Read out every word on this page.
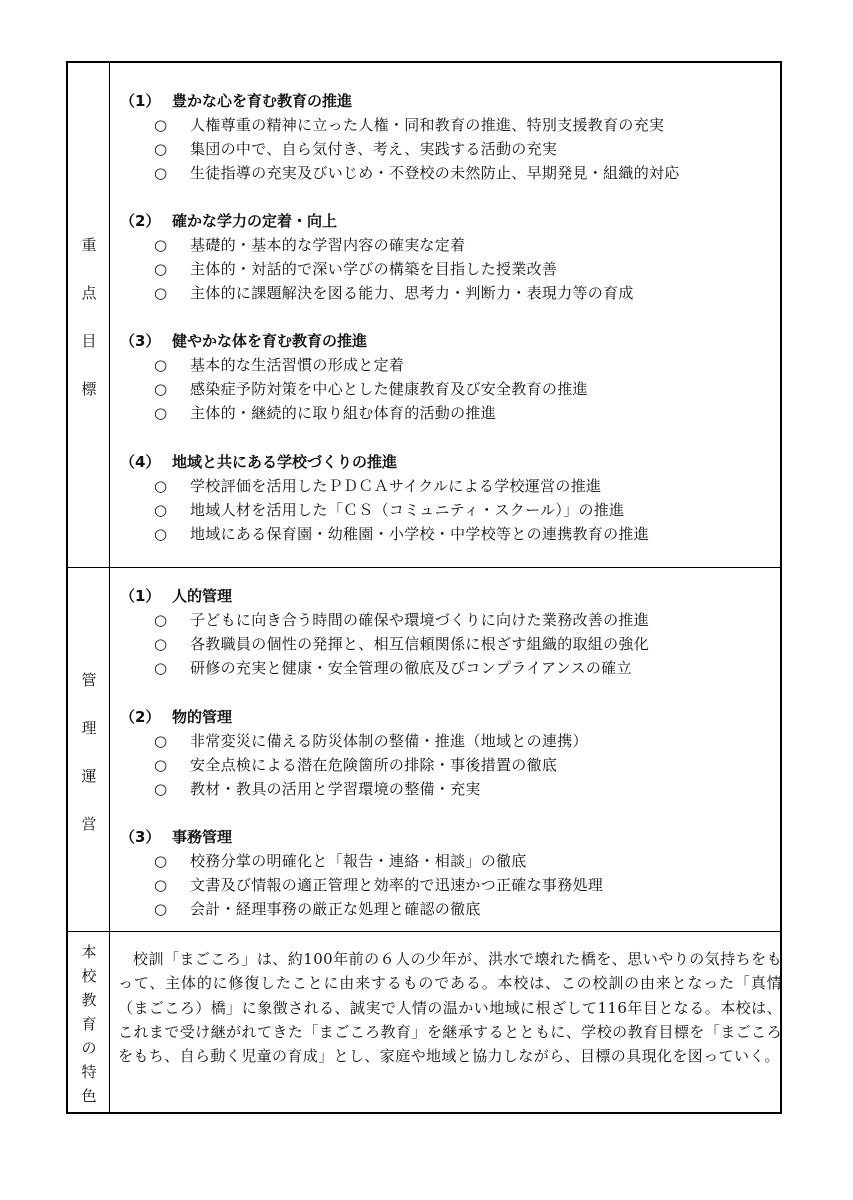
重
点
目
標
（1） 豊かな心を育む教育の推進
○ 人権尊重の精神に立った人権・同和教育の推進、特別支援教育の充実
○ 集団の中で、自ら気付き、考え、実践する活動の充実
○ 生徒指導の充実及びいじめ・不登校の未然防止、早期発見・組織的対応
（2） 確かな学力の定着・向上
○ 基礎的・基本的な学習内容の確実な定着
○ 主体的・対話的で深い学びの構築を目指した授業改善
○ 主体的に課題解決を図る能力、思考力・判断力・表現力等の育成
（3） 健やかな体を育む教育の推進
○ 基本的な生活習慣の形成と定着
○ 感染症予防対策を中心とした健康教育及び安全教育の推進
○ 主体的・継続的に取り組む体育的活動の推進
（4） 地域と共にある学校づくりの推進
○ 学校評価を活用したＰＤＣＡサイクルによる学校運営の推進
○ 地域人材を活用した「ＣＳ（コミュニティ・スクール）」の推進
○ 地域にある保育園・幼稚園・小学校・中学校等との連携教育の推進
管
理
運
営
（1） 人的管理
○ 子どもに向き合う時間の確保や環境づくりに向けた業務改善の推進
○ 各教職員の個性の発揮と、相互信頼関係に根ざす組織的取組の強化
○ 研修の充実と健康・安全管理の徹底及びコンプライアンスの確立
（2） 物的管理
○ 非常変災に備える防災体制の整備・推進（地域との連携）
○ 安全点検による潜在危険箇所の排除・事後措置の徹底
○ 教材・教具の活用と学習環境の整備・充実
（3） 事務管理
○ 校務分掌の明確化と「報告・連絡・相談」の徹底
○ 文書及び情報の適正管理と効率的で迅速かつ正確な事務処理
○ 会計・経理事務の厳正な処理と確認の徹底
本
校
教
育
の
特
色

校訓「まごころ」は、約100年前の６人の少年が、洪水で壊れた橋を、思いやりの気持ちをもって、主体的に修復したことに由来するものである。本校は、この校訓の由来となった「真情（まごころ）橋」に象徴される、誠実で人情の温かい地域に根ざして116年目となる。本校は、これまで受け継がれてきた「まごころ教育」を継承するとともに、学校の教育目標を「まごころをもち、自ら動く児童の育成」とし、家庭や地域と協力しながら、目標の具現化を図っていく。
